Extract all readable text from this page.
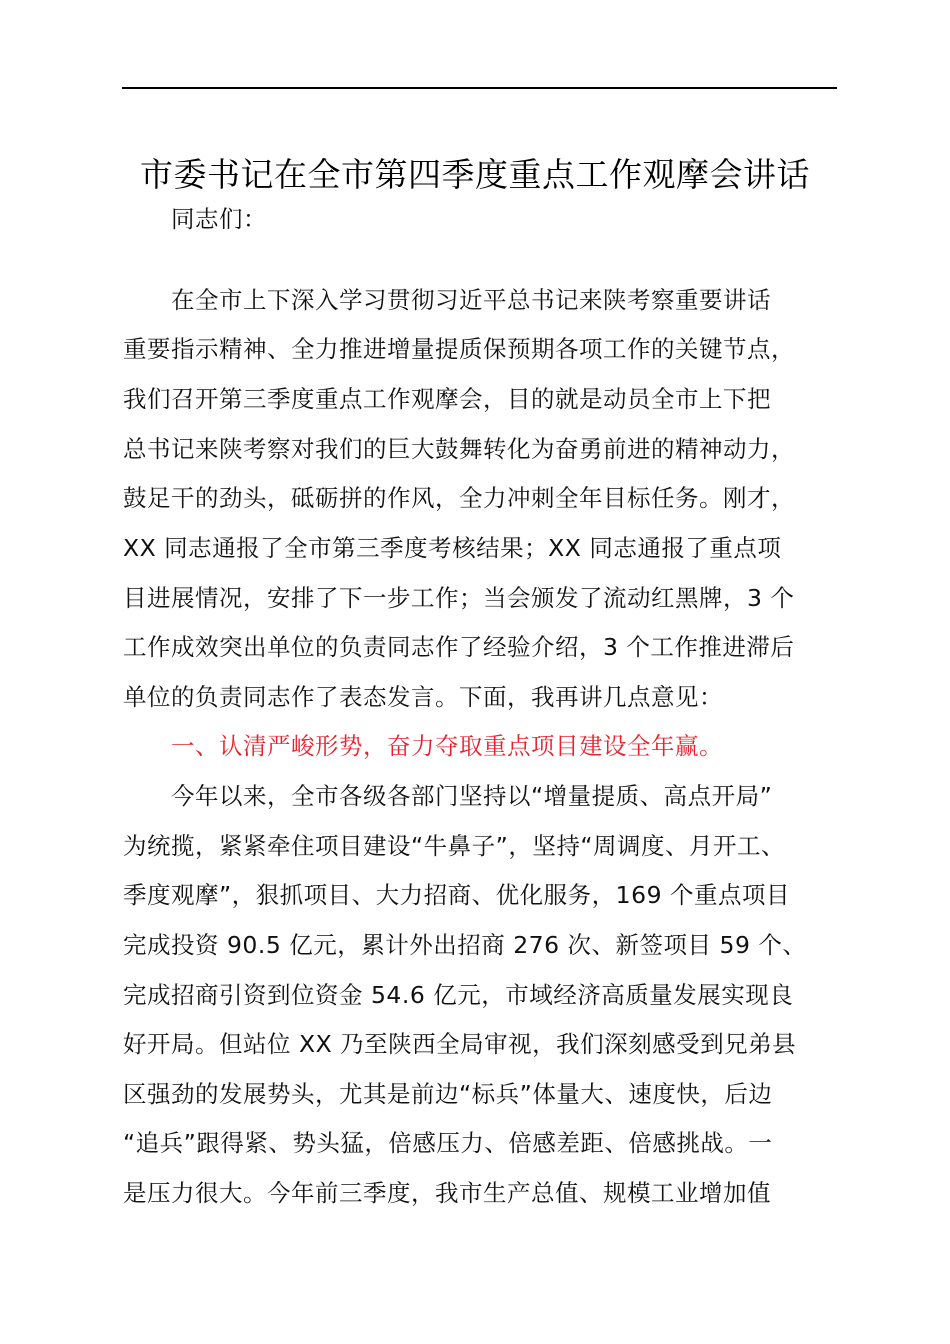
市委书记在全市第四季度重点工作观摩会讲话
同志们：
在全市上下深入学习贯彻习近平总书记来陕考察重要讲话
重要指示精神、全力推进增量提质保预期各项工作的关键节点，
我们召开第三季度重点工作观摩会，目的就是动员全市上下把
总书记来陕考察对我们的巨大鼓舞转化为奋勇前进的精神动力，
鼓足干的劲头，砥砺拼的作风，全力冲刺全年目标任务。刚才，
XX 同志通报了全市第三季度考核结果；XX 同志通报了重点项
目进展情况，安排了下一步工作；当会颁发了流动红黑牌，3 个
工作成效突出单位的负责同志作了经验介绍，3 个工作推进滞后
单位的负责同志作了表态发言。下面，我再讲几点意见：
一、认清严峻形势，奋力夺取重点项目建设全年赢。
今年以来，全市各级各部门坚持以“增量提质、高点开局”
为统揽，紧紧牵住项目建设“牛鼻子”，坚持“周调度、月开工、
季度观摩”，狠抓项目、大力招商、优化服务，169 个重点项目
完成投资 90.5 亿元，累计外出招商 276 次、新签项目 59 个、
完成招商引资到位资金 54.6 亿元，市域经济高质量发展实现良
好开局。但站位 XX 乃至陕西全局审视，我们深刻感受到兄弟县
区强劲的发展势头，尤其是前边“标兵”体量大、速度快，后边
“追兵”跟得紧、势头猛，倍感压力、倍感差距、倍感挑战。一
是压力很大。今年前三季度，我市生产总值、规模工业增加值
